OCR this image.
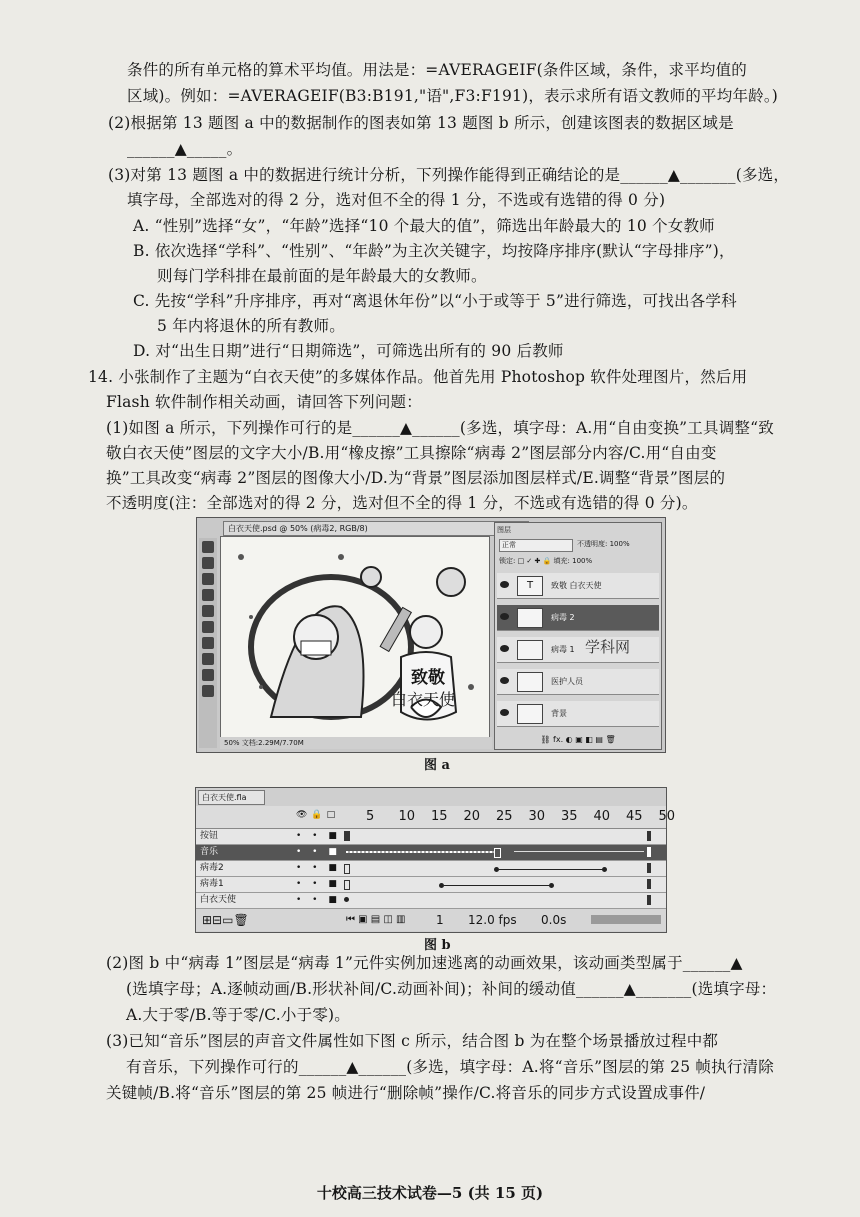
条件的所有单元格的算术平均值。用法是：=AVERAGEIF(条件区域，条件，求平均值的
区域)。例如：=AVERAGEIF(B3:B191,"语",F3:F191)，表示求所有语文教师的平均年龄。)
(2)根据第 13 题图 a 中的数据制作的图表如第 13 题图 b 所示，创建该图表的数据区域是
______▲_____。
(3)对第 13 题图 a 中的数据进行统计分析，下列操作能得到正确结论的是______▲_______(多选，
填字母，全部选对的得 2 分，选对但不全的得 1 分，不选或有选错的得 0 分)
A. “性别”选择“女”，“年龄”选择“10 个最大的值”，筛选出年龄最大的 10 个女教师
B. 依次选择“学科”、“性别”、“年龄”为主次关键字，均按降序排序(默认“字母排序”)，
则每门学科排在最前面的是年龄最大的女教师。
C. 先按“学科”升序排序，再对“离退休年份”以“小于或等于 5”进行筛选，可找出各学科
5 年内将退休的所有教师。
D. 对“出生日期”进行“日期筛选”，可筛选出所有的 90 后教师
14. 小张制作了主题为“白衣天使”的多媒体作品。他首先用 Photoshop 软件处理图片，然后用
Flash 软件制作相关动画，请回答下列问题：
(1)如图 a 所示，下列操作可行的是______▲______(多选，填字母：A.用“自由变换”工具调整“致
敬白衣天使”图层的文字大小/B.用“橡皮擦”工具擦除“病毒 2”图层部分内容/C.用“自由变
换”工具改变“病毒 2”图层的图像大小/D.为“背景”图层添加图层样式/E.调整“背景”图层的
不透明度(注：全部选对的得 2 分，选对但不全的得 1 分，不选或有选错的得 0 分)。
(2)图 b 中“病毒 1”图层是“病毒 1”元件实例加速逃离的动画效果，该动画类型属于______▲
(选填字母；A.逐帧动画/B.形状补间/C.动画补间)；补间的缓动值______▲_______(选填字母：
A.大于零/B.等于零/C.小于零)。
(3)已知“音乐”图层的声音文件属性如下图 c 所示，结合图 b 为在整个场景播放过程中都
有音乐，下列操作可行的______▲______(多选，填字母：A.将“音乐”图层的第 25 帧执行清除
关键帧/B.将“音乐”图层的第 25 帧进行“删除帧”操作/C.将音乐的同步方式设置成事件/
白衣天使.psd @ 50% (病毒2, RGB/8)
致敬
白衣天使
50% 文档:2.29M/7.70M
图层
正常	不透明度: 100%
锁定: □ ✓ ✚ 🔒 填充: 100%
T	致敬 白衣天使
病毒 2
病毒 1
医护人员
背景
⛓ fx. ◐ ▣ ◧ ▤ 🗑
学科网
图 a
白衣天使.fla
👁🔒□ 5 10 15 20 25 30 35 40 45 50
按钮	• • ■
音乐	• • ■
病毒2	• • ■
病毒1	• • ■
白衣天使	• • ■
⊞⊟▭🗑	⏮ ▣ ▤ ◫ ▥	1 12.0 fps 0.0s
图 b
十校高三技术试卷—5 (共 15 页)
